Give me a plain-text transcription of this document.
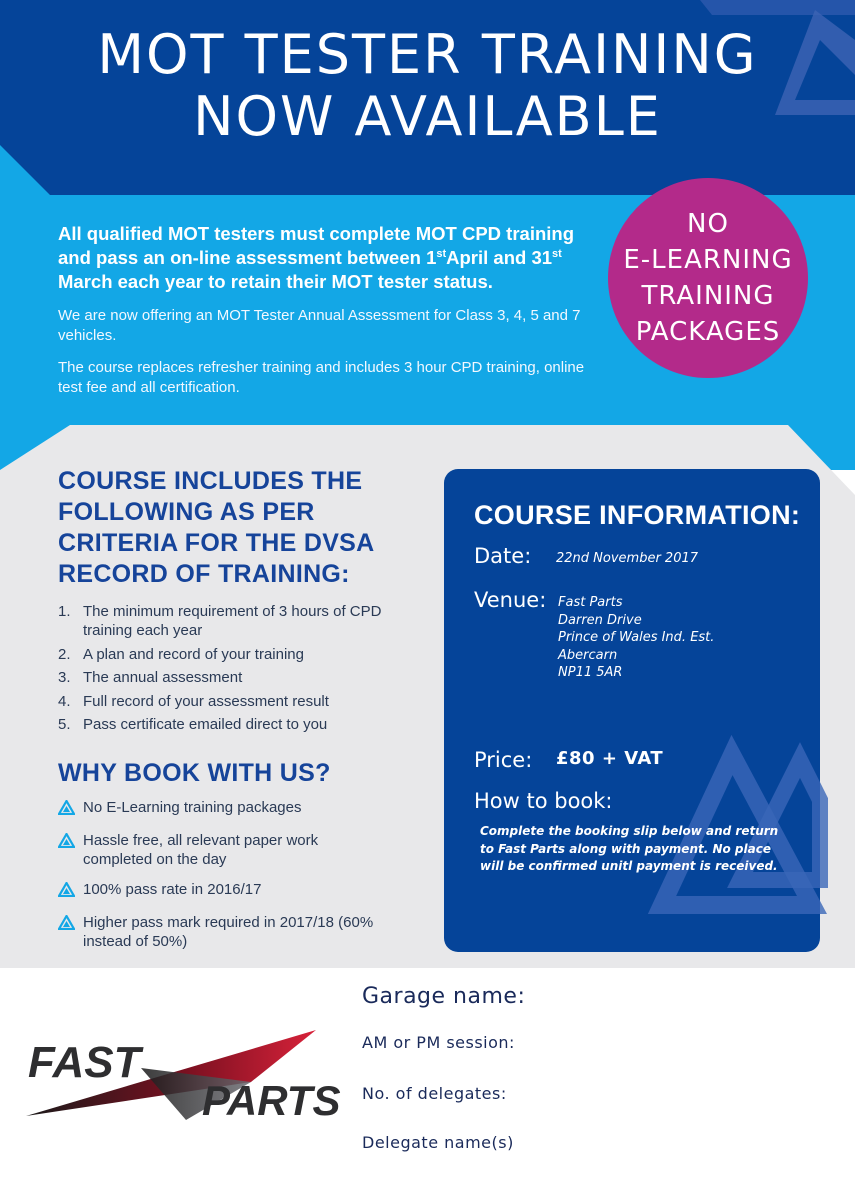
MOT TESTER TRAINING
NOW AVAILABLE
NO
E-LEARNING
TRAINING
PACKAGES

All qualified MOT testers must complete MOT CPD training and pass an on-line assessment between 1stApril and 31st March each year to retain their MOT tester status.

We are now offering an MOT Tester Annual Assessment for Class 3, 4, 5 and 7 vehicles.

The course replaces refresher training and includes 3 hour CPD training, online test fee and all certification.

COURSE INCLUDES THE
FOLLOWING AS PER
CRITERIA FOR THE DVSA
RECORD OF TRAINING:
1. The minimum requirement of 3 hours of CPD training each year
2. A plan and record of your training
3. The annual assessment
4. Full record of your assessment result
5. Pass certificate emailed direct to you
WHY BOOK WITH US?
No E-Learning training packages
Hassle free, all relevant paper work completed on the day
100% pass rate in 2016/17
Higher pass mark required in 2017/18 (60% instead of 50%)
COURSE INFORMATION:
Date: 22nd November 2017
Venue: Fast Parts
Darren Drive
Prince of Wales Ind. Est.
Abercarn
NP11 5AR
Price: £80 + VAT
How to book:
Complete the booking slip below and return to Fast Parts along with payment. No place will be confirmed unitl payment is received.
Garage name:
AM or PM session:
No. of delegates:
Delegate name(s)
FAST
PARTS
